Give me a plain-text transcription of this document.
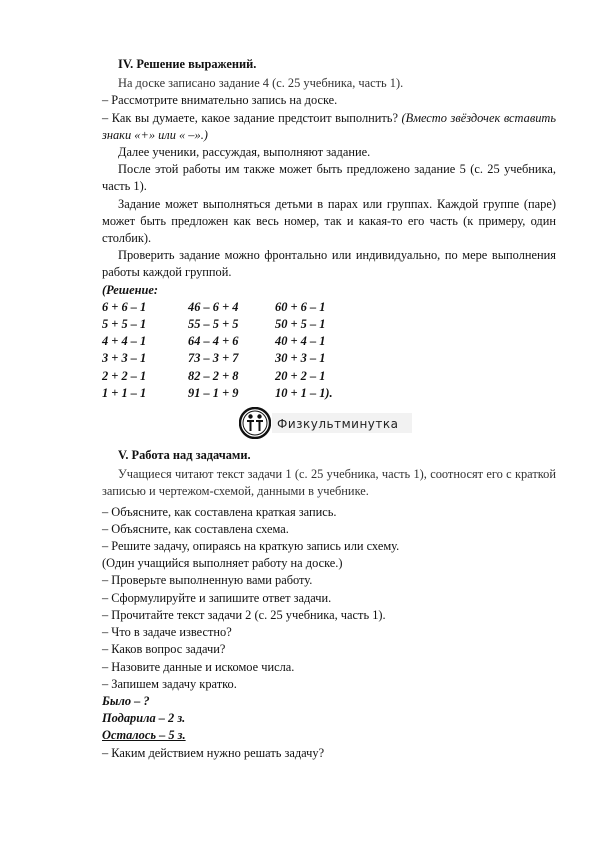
IV. Решение выражений.

На доске записано задание 4 (с. 25 учебника, часть 1).

– Рассмотрите внимательно запись на доске.

– Как вы думаете, какое задание предстоит выполнить? (Вместо звёздочек вставить знаки «+» или « –».)

Далее ученики, рассуждая, выполняют задание.

После этой работы им также может быть предложено задание 5 (с. 25 учебника, часть 1).

Задание может выполняться детьми в парах или группах. Каждой группе (паре) может быть предложен как весь номер, так и какая-то его часть (к примеру, один столбик).

Проверить задание можно фронтально или индивидуально, по мере выполнения работы каждой группой.

(Решение:

6 + 6 – 1	46 – 6 + 4	60 + 6 – 1
5 + 5 – 1	55 – 5 + 5	50 + 5 – 1
4 + 4 – 1	64 – 4 + 6	40 + 4 – 1
3 + 3 – 1	73 – 3 + 7	30 + 3 – 1
2 + 2 – 1	82 – 2 + 8	20 + 2 – 1
1 + 1 – 1	91 – 1 + 9	10 + 1 – 1).
Физкультминутка

V. Работа над задачами.

Учащиеся читают текст задачи 1 (с. 25 учебника, часть 1), соотносят его с краткой записью и чертежом-схемой, данными в учебнике.

– Объясните, как составлена краткая запись.

– Объясните, как составлена схема.

– Решите задачу, опираясь на краткую запись или схему.

(Один учащийся выполняет работу на доске.)

– Проверьте выполненную вами работу.

– Сформулируйте и запишите ответ задачи.

– Прочитайте текст задачи 2 (с. 25 учебника, часть 1).

– Что в задаче известно?

– Каков вопрос задачи?

– Назовите данные и искомое числа.

– Запишем задачу кратко.

Было – ?

Подарила – 2 з.

Осталось – 5 з.

– Каким действием нужно решать задачу?
